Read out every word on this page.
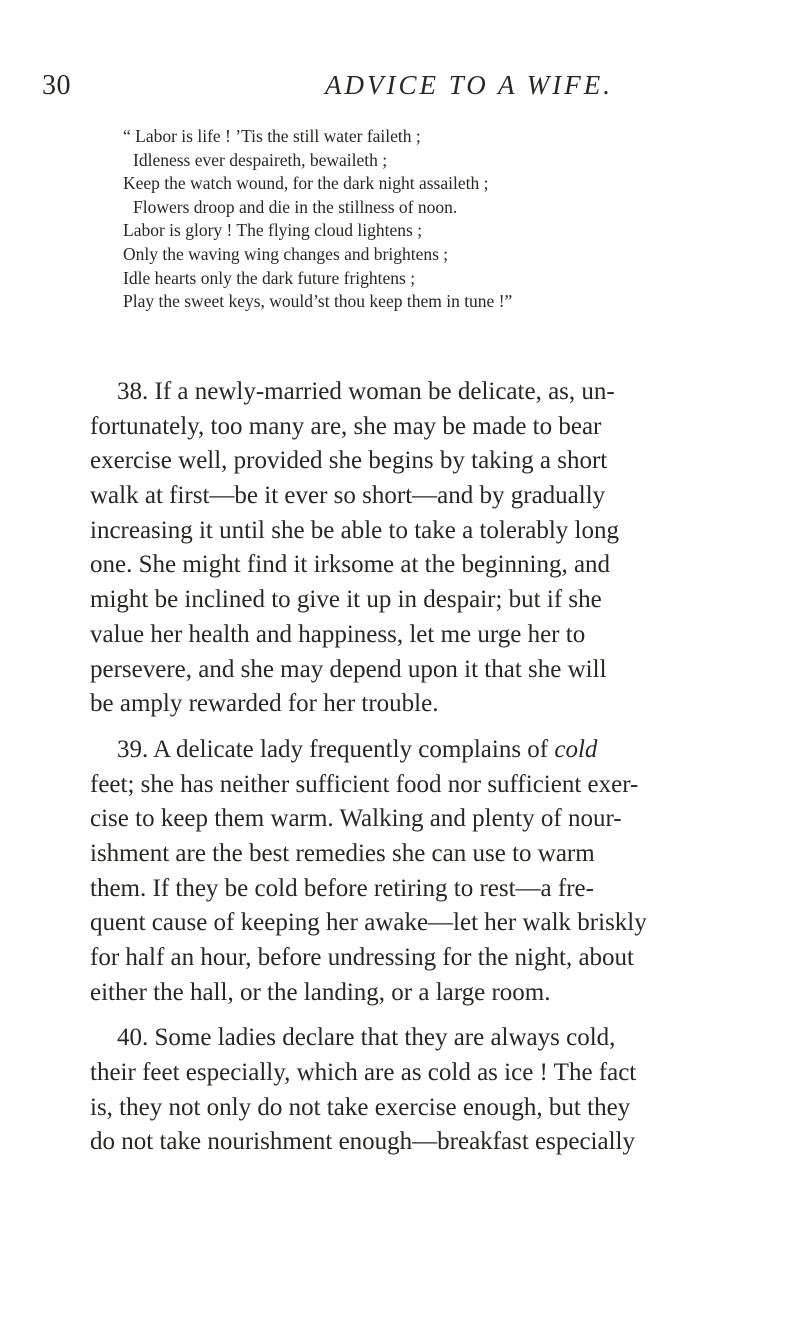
30	ADVICE TO A WIFE.
“ Labor is life ! ’Tis the still water faileth ;
Idleness ever despaireth, bewaileth ;
Keep the watch wound, for the dark night assaileth ;
Flowers droop and die in the stillness of noon.
Labor is glory ! The flying cloud lightens ;
Only the waving wing changes and brightens ;
Idle hearts only the dark future frightens ;
Play the sweet keys, would’st thou keep them in tune !”
38. If a newly-married woman be delicate, as, un-
fortunately, too many are, she may be made to bear
exercise well, provided she begins by taking a short
walk at first—be it ever so short—and by gradually
increasing it until she be able to take a tolerably long
one. She might find it irksome at the beginning, and
might be inclined to give it up in despair; but if she
value her health and happiness, let me urge her to
persevere, and she may depend upon it that she will
be amply rewarded for her trouble.
39. A delicate lady frequently complains of cold
feet; she has neither sufficient food nor sufficient exer-
cise to keep them warm. Walking and plenty of nour-
ishment are the best remedies she can use to warm
them. If they be cold before retiring to rest—a fre-
quent cause of keeping her awake—let her walk briskly
for half an hour, before undressing for the night, about
either the hall, or the landing, or a large room.
40. Some ladies declare that they are always cold,
their feet especially, which are as cold as ice ! The fact
is, they not only do not take exercise enough, but they
do not take nourishment enough—breakfast especially
